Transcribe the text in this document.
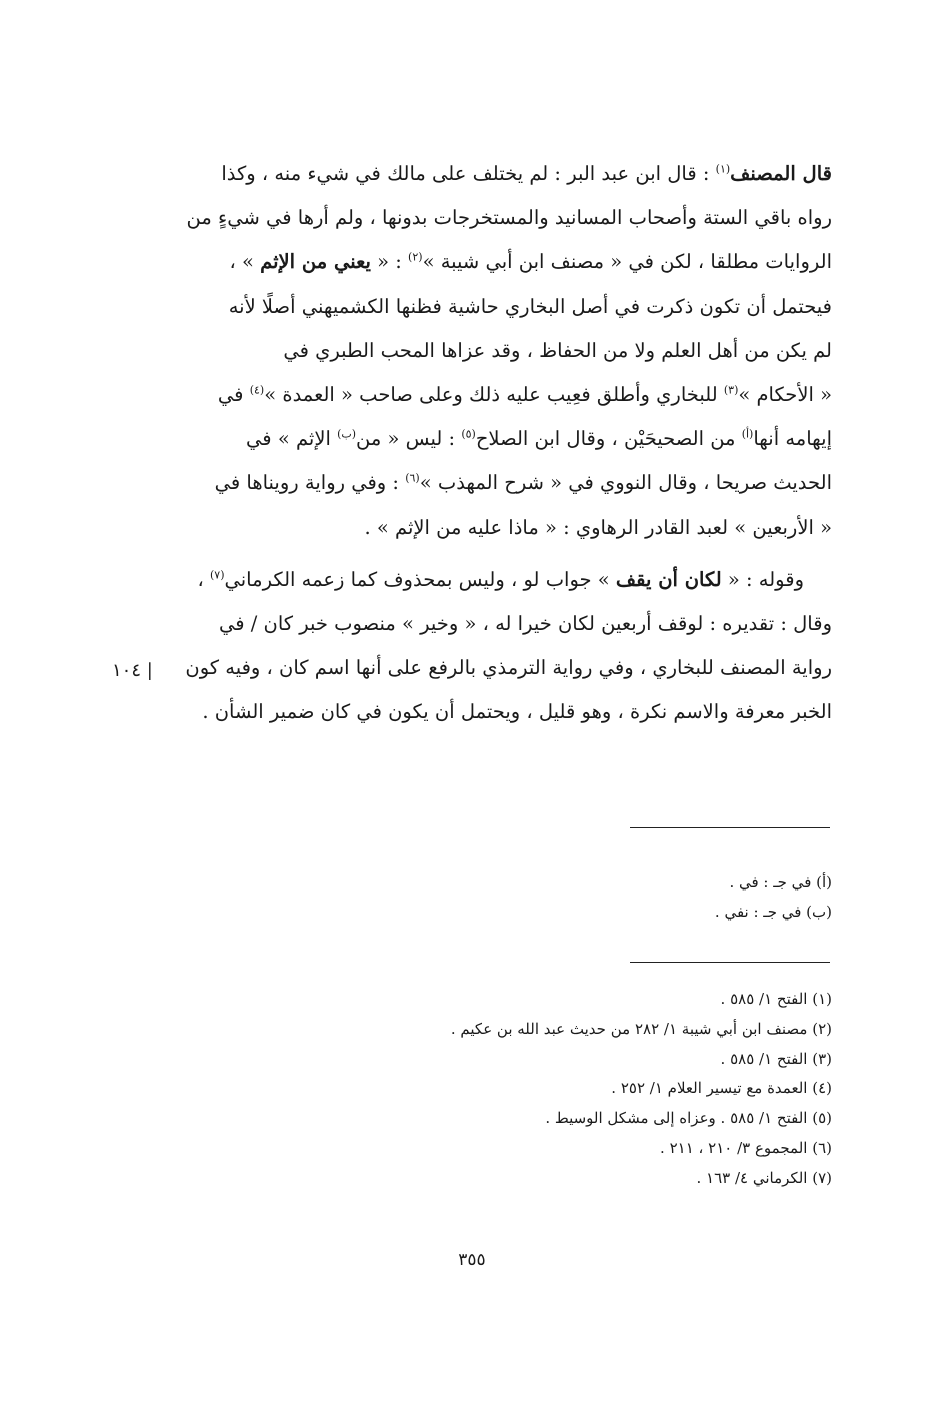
قال المصنف$^{(١)}$ : قال ابن عبد البر : لم يختلف على مالك في شيء منه ، وكذا
رواه باقي الستة وأصحاب المسانيد والمستخرجات بدونها ، ولم أرها في شيءٍ من
الروايات مطلقا ، لكن في « مصنف ابن أبي شيبة »$^{(٢)}$ : « يعني من الإثم » ،
فيحتمل أن تكون ذكرت في أصل البخاري حاشية فظنها الكشميهني أصلًا لأنه
لم يكن من أهل العلم ولا من الحفاظ ، وقد عزاها المحب الطبري في
« الأحكام »$^{(٣)}$ للبخاري وأطلق فعِيب عليه ذلك وعلى صاحب « العمدة »$^{(٤)}$ في
إيهامه أنها$^{(أ)}$ من الصحيحَيْن ، وقال ابن الصلاح$^{(٥)}$ : ليس « من$^{(ب)}$ الإثم » في
الحديث صريحا ، وقال النووي في « شرح المهذب »$^{(٦)}$ : وفي رواية رويناها في
« الأربعين » لعبد القادر الرهاوي : « ماذا عليه من الإثم » .

وقوله : « لكان أن يقف » جواب لو ، وليس بمحذوف كما زعمه الكرماني$^{(٧)}$ ،
وقال : تقديره : لوقف أربعين لكان خيرا له ، « وخير » منصوب خبر كان / في
رواية المصنف للبخاري ، وفي رواية الترمذي بالرفع على أنها اسم كان ، وفيه كون
الخبر معرفة والاسم نكرة ، وهو قليل ، ويحتمل أن يكون في كان ضمير الشأن .

| ١٠٤
(أ) في جـ : في .
(ب) في جـ : نفي .
(١) الفتح ١/ ٥٨٥ .
(٢) مصنف ابن أبي شيبة ١/ ٢٨٢ من حديث عبد الله بن عكيم .
(٣) الفتح ١/ ٥٨٥ .
(٤) العمدة مع تيسير العلام ١/ ٢٥٢ .
(٥) الفتح ١/ ٥٨٥ . وعزاه إلى مشكل الوسيط .
(٦) المجموع ٣/ ٢١٠ ، ٢١١ .
(٧) الكرماني ٤/ ١٦٣ .
٣٥٥
